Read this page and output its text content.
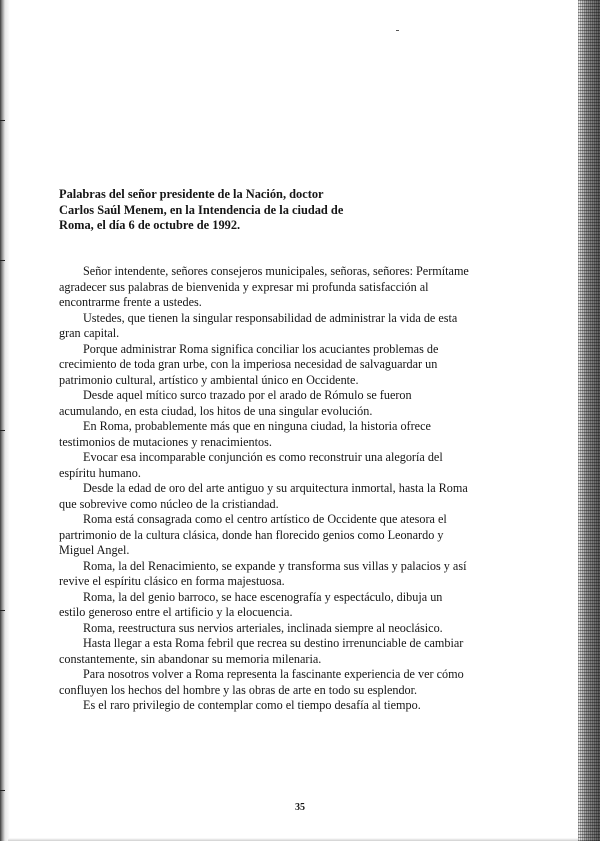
Palabras del señor presidente de la Nación, doctor Carlos Saúl Menem, en la Intendencia de la ciudad de Roma, el día 6 de octubre de 1992.

Señor intendente, señores consejeros municipales, señoras, señores: Permítame agradecer sus palabras de bienvenida y expresar mi profunda satisfacción al encontrarme frente a ustedes.

Ustedes, que tienen la singular responsabilidad de administrar la vida de esta gran capital.

Porque administrar Roma significa conciliar los acuciantes problemas de crecimiento de toda gran urbe, con la imperiosa necesidad de salvaguardar un patrimonio cultural, artístico y ambiental único en Occidente.

Desde aquel mítico surco trazado por el arado de Rómulo se fueron acumulando, en esta ciudad, los hitos de una singular evolución.

En Roma, probablemente más que en ninguna ciudad, la historia ofrece testimonios de mutaciones y renacimientos.

Evocar esa incomparable conjunción es como reconstruir una alegoría del espíritu humano.

Desde la edad de oro del arte antiguo y su arquitectura inmortal, hasta la Roma que sobrevive como núcleo de la cristiandad.

Roma está consagrada como el centro artístico de Occidente que atesora el partrimonio de la cultura clásica, donde han florecido genios como Leonardo y Miguel Angel.

Roma, la del Renacimiento, se expande y transforma sus villas y palacios y así revive el espíritu clásico en forma majestuosa.

Roma, la del genio barroco, se hace escenografía y espectáculo, dibuja un estilo generoso entre el artificio y la elocuencia.

Roma, reestructura sus nervios arteriales, inclinada siempre al neoclásico.

Hasta llegar a esta Roma febril que recrea su destino irrenunciable de cambiar constantemente, sin abandonar su memoria milenaria.

Para nosotros volver a Roma representa la fascinante experiencia de ver cómo confluyen los hechos del hombre y las obras de arte en todo su esplendor.

Es el raro privilegio de contemplar como el tiempo desafía al tiempo.

35
